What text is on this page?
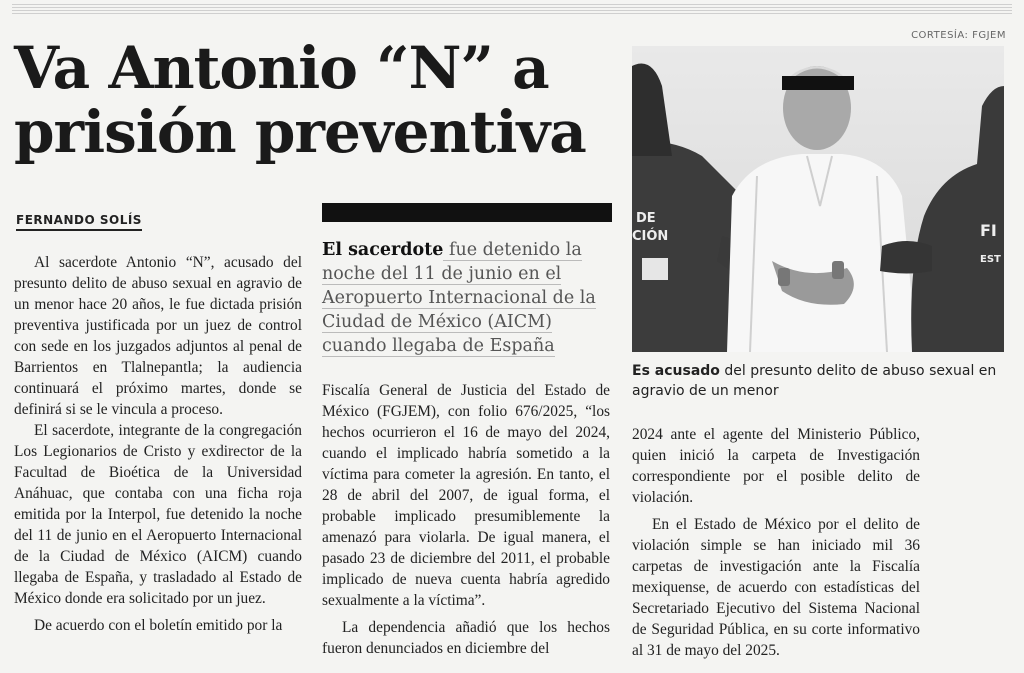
Va Antonio “N” a prisión preventiva
FERNANDO SOLÍS

Al sacerdote Antonio “N”, acusado del presunto delito de abuso sexual en agravio de un menor hace 20 años, le fue dictada prisión preventiva justificada por un juez de control con sede en los juzgados adjuntos al penal de Barrientos en Tlalnepantla; la audiencia continuará el próximo martes, donde se definirá si se le vincula a proceso.

El sacerdote, integrante de la congregación Los Legionarios de Cristo y exdirector de la Facultad de Bioética de la Universidad Anáhuac, que contaba con una ficha roja emitida por la Interpol, fue detenido la noche del 11 de junio en el Aeropuerto Internacional de la Ciudad de México (AICM) cuando llegaba de España, y trasladado al Estado de México donde era solicitado por un juez.

De acuerdo con el boletín emitido por la

El sacerdote fue detenido la noche del 11 de junio en el Aeropuerto Internacional de la Ciudad de México (AICM) cuando llegaba de España

Fiscalía General de Justicia del Estado de México (FGJEM), con folio 676/2025, “los hechos ocurrieron el 16 de mayo del 2024, cuando el implicado habría sometido a la víctima para cometer la agresión. En tanto, el 28 de abril del 2007, de igual forma, el probable implicado presumiblemente la amenazó para violarla. De igual manera, el pasado 23 de diciembre del 2011, el probable implicado de nueva cuenta habría agredido sexualmente a la víctima”.

La dependencia añadió que los hechos fueron denunciados en diciembre del

CORTESÍA: FGJEM
DE
CIÓN	FI
EST
Es acusado del presunto delito de abuso sexual en agravio de un menor

2024 ante el agente del Ministerio Público, quien inició la carpeta de Investigación correspondiente por el posible delito de violación.

En el Estado de México por el delito de violación simple se han iniciado mil 36 carpetas de investigación ante la Fiscalía mexiquense, de acuerdo con estadísticas del Secretariado Ejecutivo del Sistema Nacional de Seguridad Pública, en su corte informativo al 31 de mayo del 2025.
